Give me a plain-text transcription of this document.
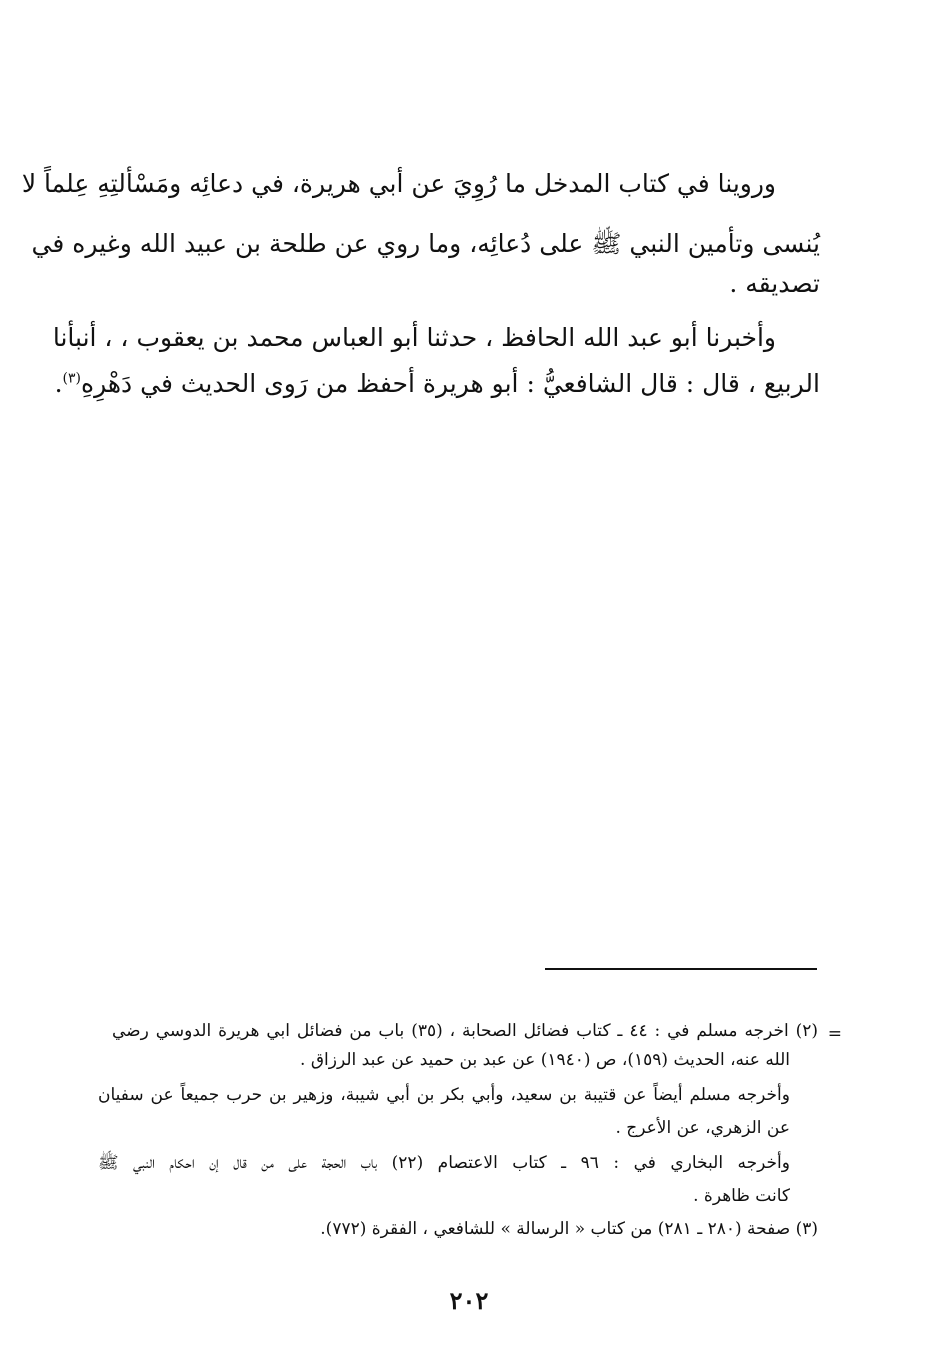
وروينا في كتاب المدخل ما رُوِيَ عن أبي هريرة، في دعائِه ومَسْألتِهِ عِلماً لا
يُنسى وتأمين النبي ﷺ على دُعائِه، وما روي عن طلحة بن عبيد الله وغيره في
تصديقه .
وأخبرنا أبو عبد الله الحافظ ، حدثنا أبو العباس محمد بن يعقوب ، ، أنبأنا
الربيع ، قال : قال الشافعيُّ : أبو هريرة أحفظ من رَوى الحديث في دَهْرِهِ$^{(٣)}$.
=
(٢) اخرجه مسلم في : ٤٤ ـ كتاب فضائل الصحابة ، (٣٥) باب من فضائل ابي هريرة الدوسي رضي
الله عنه، الحديث (١٥٩)، ص (١٩٤٠) عن عبد بن حميد عن عبد الرزاق .
وأخرجه مسلم أيضاً عن قتيبة بن سعيد، وأبي بكر بن أبي شيبة، وزهير بن حرب جميعاً عن سفيان
عن الزهري، عن الأعرج .
وأخرجه البخاري في : ٩٦ ـ كتاب الاعتصام (٢٢) باب الحجة على من قال إن احكام النبي ﷺ
كانت ظاهرة .
(٣) صفحة (٢٨٠ ـ ٢٨١) من كتاب « الرسالة » للشافعي ، الفقرة (٧٧٢).
٢٠٢
